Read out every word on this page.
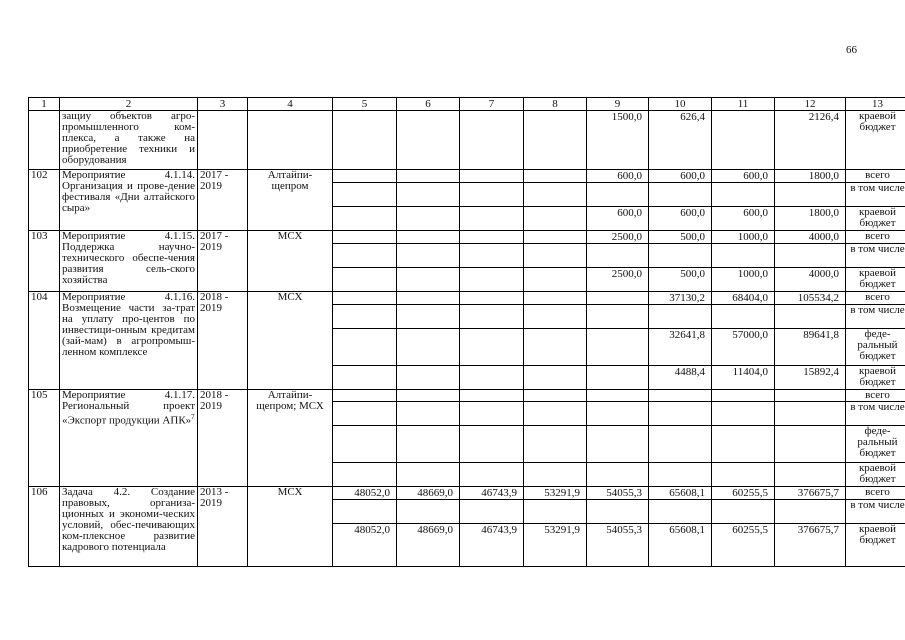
66
1	2	3	4	5	6	7	8	9	10	11	12	13
	защиу объектов агро-промышленного ком-плекса, а также на приобретение техники и оборудования							1500,0	626,4		2126,4	краевой бюджет
102	Мероприятие 4.1.14. Организация и прове-дение фестиваля «Дни алтайского сыра»	2017 - 2019	Алтайпи-щепром					600,0	600,0	600,0	1800,0	всего
												в том числе
								600,0	600,0	600,0	1800,0	краевой бюджет
103	Мероприятие 4.1.15. Поддержка научно-технического обеспе-чения развития сель-ского хозяйства	2017 - 2019	МСХ					2500,0	500,0	1000,0	4000,0	всего
												в том числе
								2500,0	500,0	1000,0	4000,0	краевой бюджет
104	Мероприятие 4.1.16. Возмещение части за-трат на уплату про-центов по инвестици-онным кредитам (зай-мам) в агропромыш-ленном комплексе	2018 - 2019	МСХ						37130,2	68404,0	105534,2	всего
												в том числе
									32641,8	57000,0	89641,8	феде-ральный бюджет
									4488,4	11404,0	15892,4	краевой бюджет
105	Мероприятие 4.1.17. Региональный проект «Экспорт продукции АПК»$^7$	2018 - 2019	Алтайпи-щепром; МСХ									всего
												в том числе
												феде-ральный бюджет
												краевой бюджет
106	Задача 4.2. Создание правовых, организа-ционных и экономи-ческих условий, обес-печивающих ком-плексное развитие кадрового потенциала	2013 - 2019	МСХ	48052,0	48669,0	46743,9	53291,9	54055,3	65608,1	60255,5	376675,7	всего
												в том числе
				48052,0	48669,0	46743,9	53291,9	54055,3	65608,1	60255,5	376675,7	краевой бюджет
